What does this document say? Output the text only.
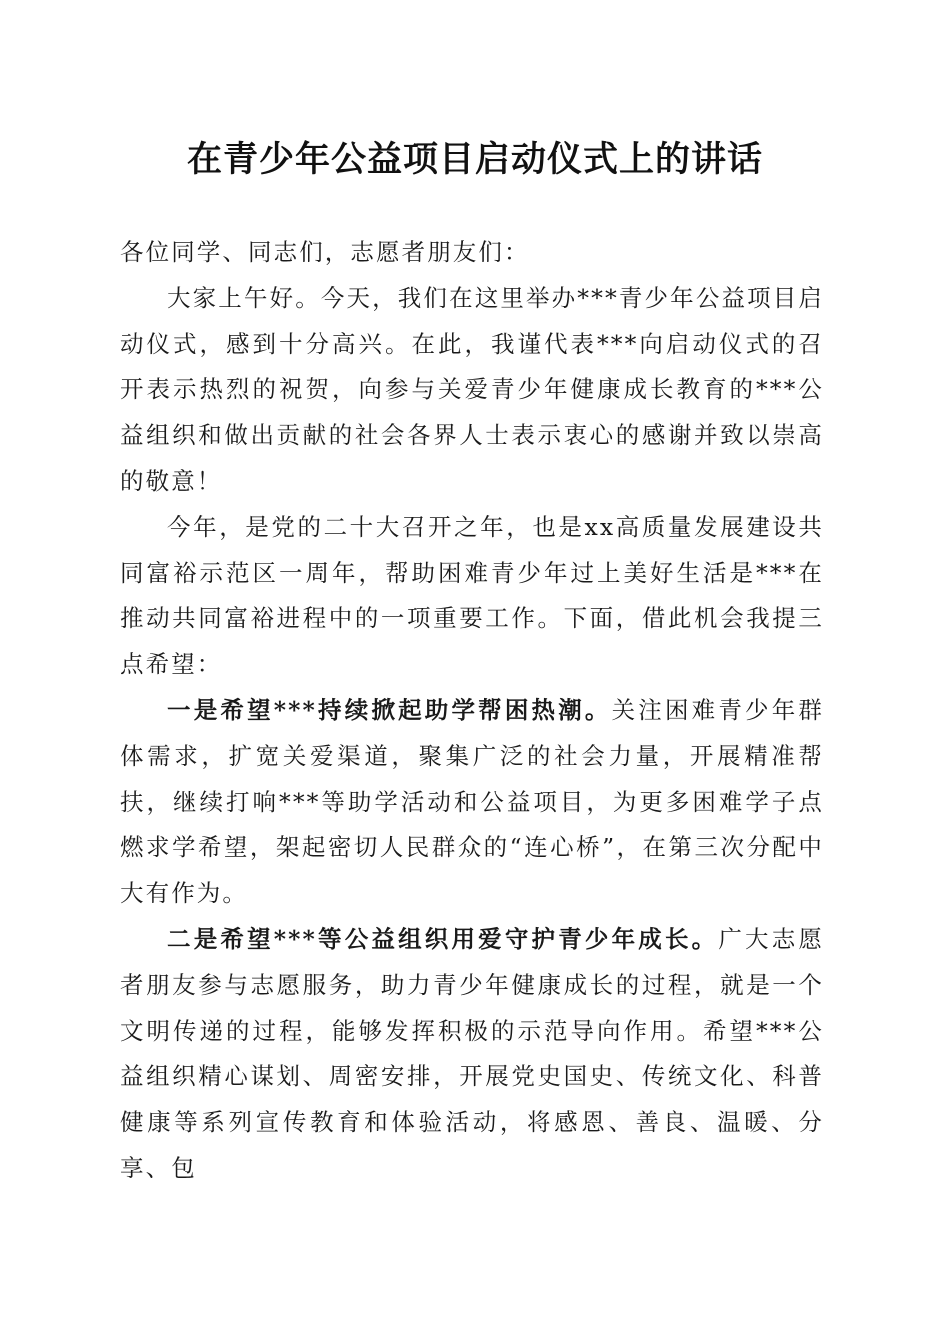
在青少年公益项目启动仪式上的讲话

各位同学、同志们，志愿者朋友们：

大家上午好。今天，我们在这里举办***青少年公益项目启动仪式，感到十分高兴。在此，我谨代表***向启动仪式的召开表示热烈的祝贺，向参与关爱青少年健康成长教育的***公益组织和做出贡献的社会各界人士表示衷心的感谢并致以崇高的敬意！

今年，是党的二十大召开之年，也是xx高质量发展建设共同富裕示范区一周年，帮助困难青少年过上美好生活是***在推动共同富裕进程中的一项重要工作。下面，借此机会我提三点希望：

一是希望***持续掀起助学帮困热潮。关注困难青少年群体需求，扩宽关爱渠道，聚集广泛的社会力量，开展精准帮扶，继续打响***等助学活动和公益项目，为更多困难学子点燃求学希望，架起密切人民群众的“连心桥”，在第三次分配中大有作为。

二是希望***等公益组织用爱守护青少年成长。广大志愿者朋友参与志愿服务，助力青少年健康成长的过程，就是一个文明传递的过程，能够发挥积极的示范导向作用。希望***公益组织精心谋划、周密安排，开展党史国史、传统文化、科普健康等系列宣传教育和体验活动，将感恩、善良、温暖、分享、包
